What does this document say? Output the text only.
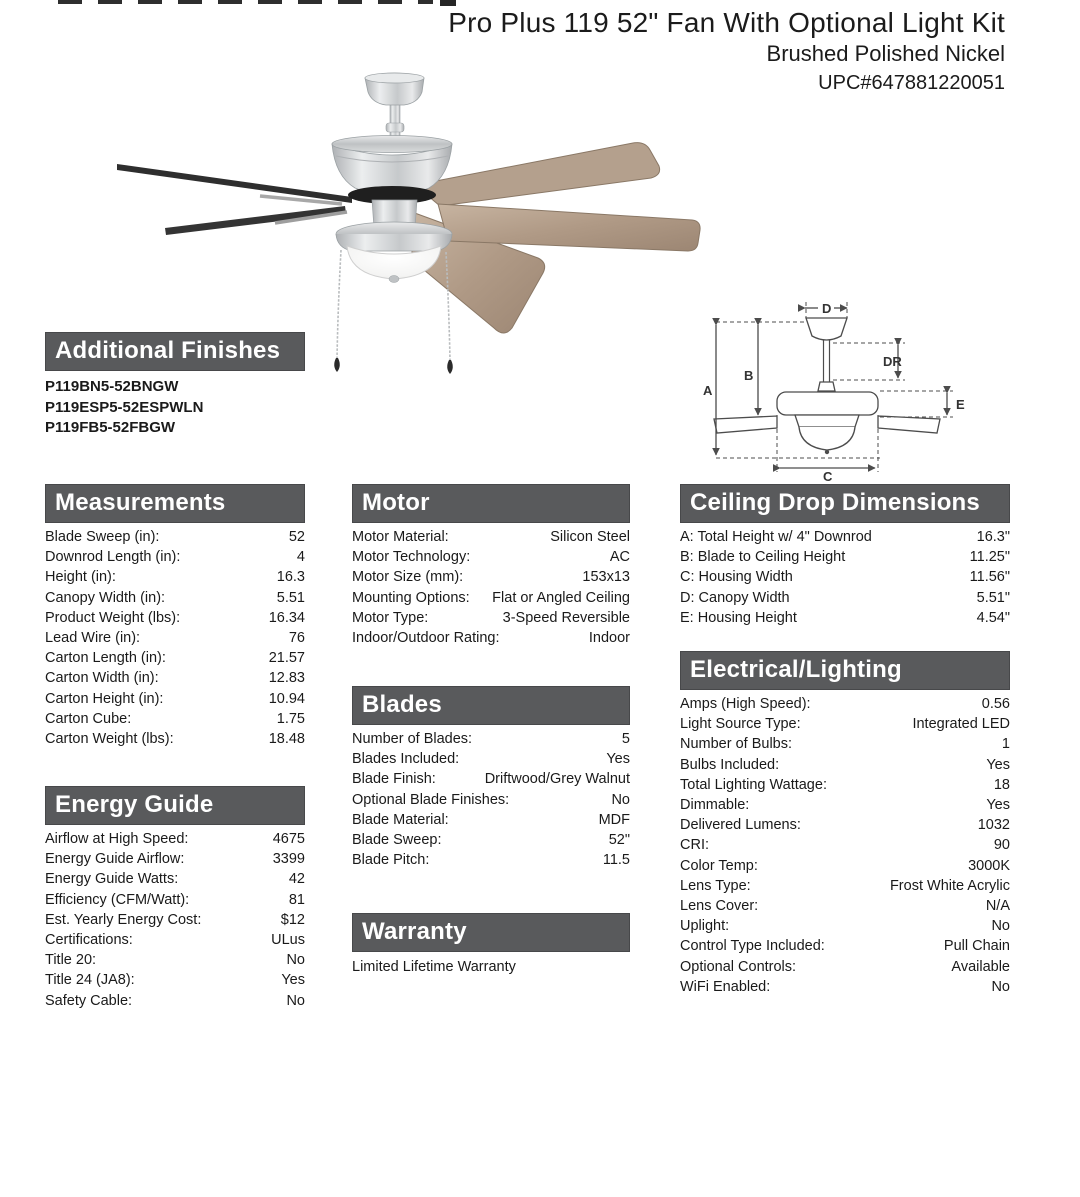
Pro Plus 119 52" Fan With Optional Light Kit
Brushed Polished Nickel
UPC#647881220051
D
DR
E
A
B
C
Additional Finishes
P119BN5-52BNGW
P119ESP5-52ESPWLN
P119FB5-52FBGW
Measurements
Blade Sweep (in):	52
Downrod Length (in):	4
Height (in):	16.3
Canopy Width (in):	5.51
Product Weight (lbs):	16.34
Lead Wire (in):	76
Carton Length (in):	21.57
Carton Width (in):	12.83
Carton Height (in):	10.94
Carton Cube:	1.75
Carton Weight (lbs):	18.48
Energy Guide
Airflow at High Speed:	4675
Energy Guide Airflow:	3399
Energy Guide Watts:	42
Efficiency (CFM/Watt):	81
Est. Yearly Energy Cost:	$12
Certifications:	ULus
Title 20:	No
Title 24 (JA8):	Yes
Safety Cable:	No
Motor
Motor Material:	Silicon Steel
Motor Technology:	AC
Motor Size (mm):	153x13
Mounting Options: Flat or Angled Ceiling
Motor Type:	3-Speed Reversible
Indoor/Outdoor Rating:	Indoor
Blades
Number of Blades:	5
Blades Included:	Yes
Blade Finish:	Driftwood/Grey Walnut
Optional Blade Finishes:	No
Blade Material:	MDF
Blade Sweep:	52"
Blade Pitch:	11.5
Warranty
Limited Lifetime Warranty
Ceiling Drop Dimensions
A: Total Height w/ 4" Downrod	16.3"
B: Blade to Ceiling Height	11.25"
C: Housing Width	11.56"
D: Canopy Width	5.51"
E: Housing Height	4.54"
Electrical/Lighting
Amps (High Speed):	0.56
Light Source Type:	Integrated LED
Number of Bulbs:	1
Bulbs Included:	Yes
Total Lighting Wattage:	18
Dimmable:	Yes
Delivered Lumens:	1032
CRI:	90
Color Temp:	3000K
Lens Type:	Frost White Acrylic
Lens Cover:	N/A
Uplight:	No
Control Type Included:	Pull Chain
Optional Controls:	Available
WiFi Enabled:	No
